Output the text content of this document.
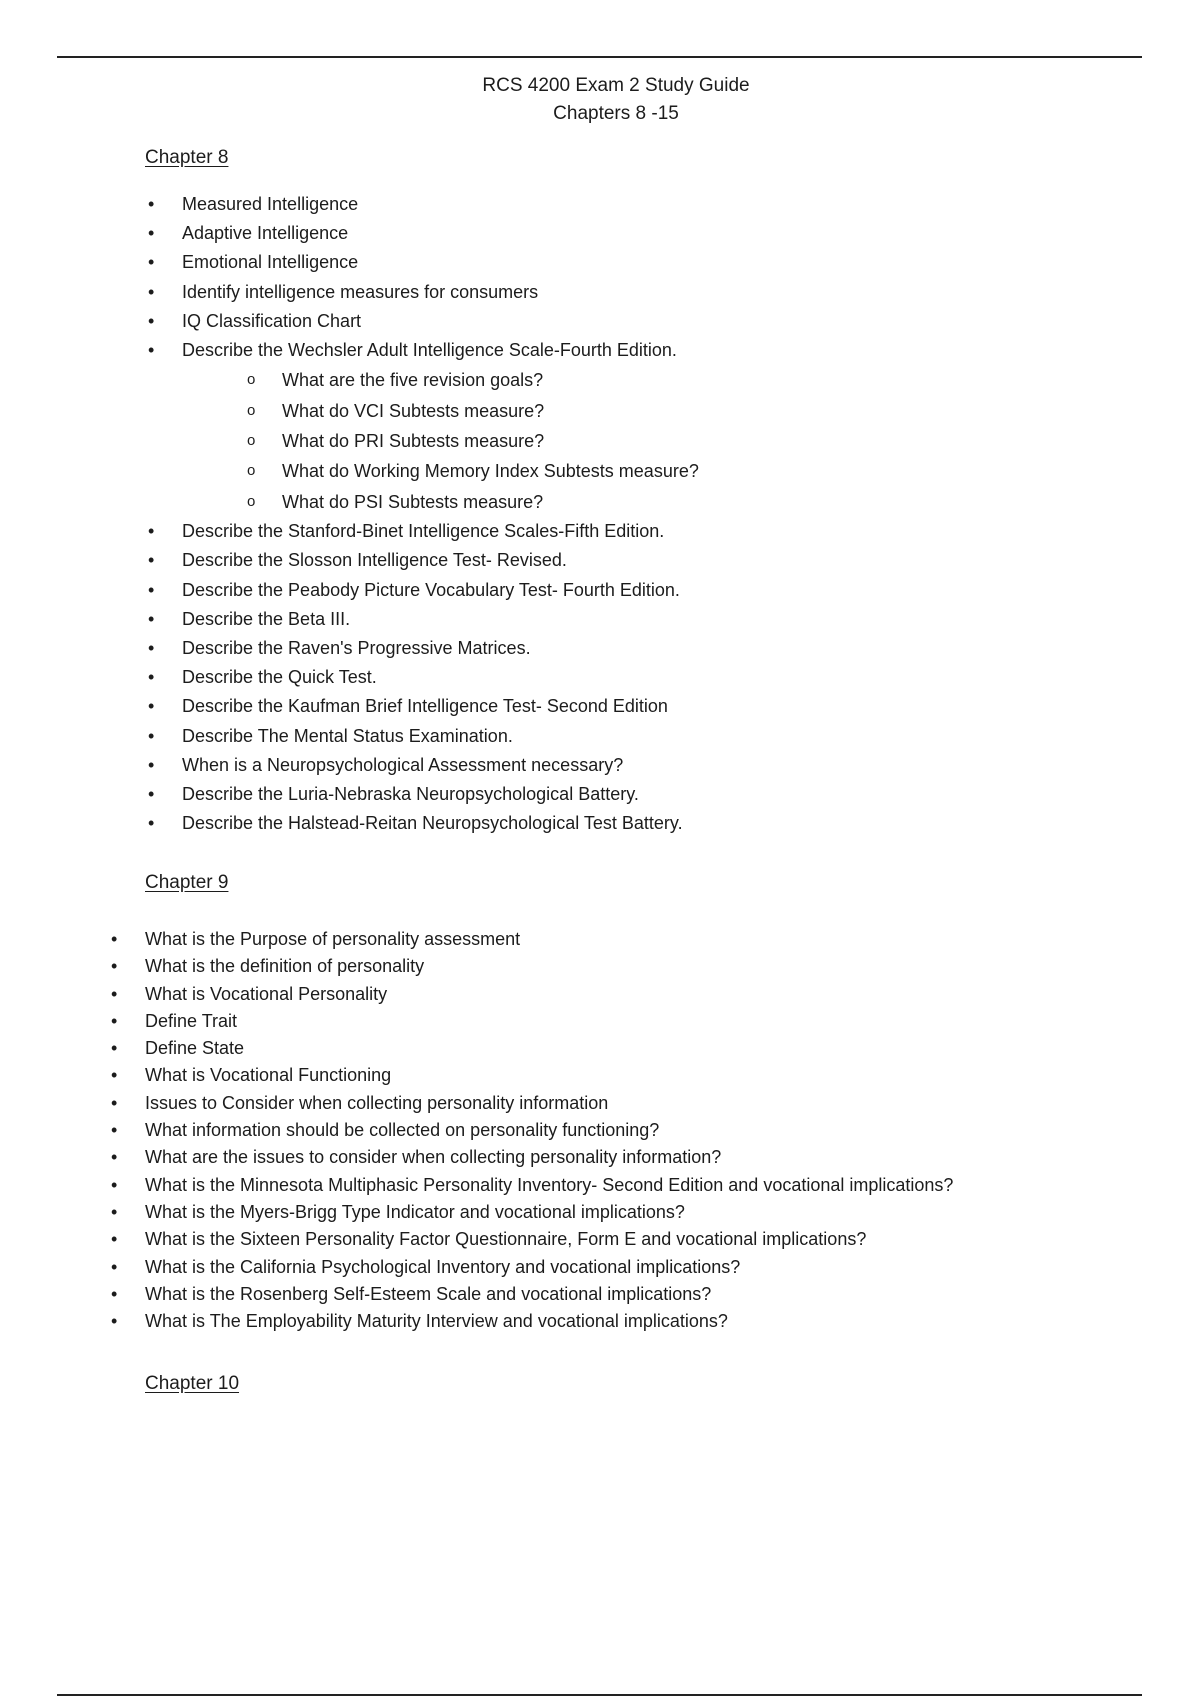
RCS 4200 Exam 2 Study Guide
Chapters 8 -15
Chapter 8
• Measured Intelligence
• Adaptive Intelligence
• Emotional Intelligence
• Identify intelligence measures for consumers
• IQ Classification Chart
• Describe the Wechsler Adult Intelligence Scale-Fourth Edition.
o What are the five revision goals?
o What do VCI Subtests measure?
o What do PRI Subtests measure?
o What do Working Memory Index Subtests measure?
o What do PSI Subtests measure?
• Describe the Stanford-Binet Intelligence Scales-Fifth Edition.
• Describe the Slosson Intelligence Test- Revised.
• Describe the Peabody Picture Vocabulary Test- Fourth Edition.
• Describe the Beta III.
• Describe the Raven's Progressive Matrices.
• Describe the Quick Test.
• Describe the Kaufman Brief Intelligence Test- Second Edition
• Describe The Mental Status Examination.
• When is a Neuropsychological Assessment necessary?
• Describe the Luria-Nebraska Neuropsychological Battery.
• Describe the Halstead-Reitan Neuropsychological Test Battery.
Chapter 9
• What is the Purpose of personality assessment
• What is the definition of personality
• What is Vocational Personality
• Define Trait
• Define State
• What is Vocational Functioning
• Issues to Consider when collecting personality information
• What information should be collected on personality functioning?
• What are the issues to consider when collecting personality information?
• What is the Minnesota Multiphasic Personality Inventory- Second Edition and vocational implications?
• What is the Myers-Brigg Type Indicator and vocational implications?
• What is the Sixteen Personality Factor Questionnaire, Form E and vocational implications?
• What is the California Psychological Inventory and vocational implications?
• What is the Rosenberg Self-Esteem Scale and vocational implications?
• What is The Employability Maturity Interview and vocational implications?
Chapter 10
